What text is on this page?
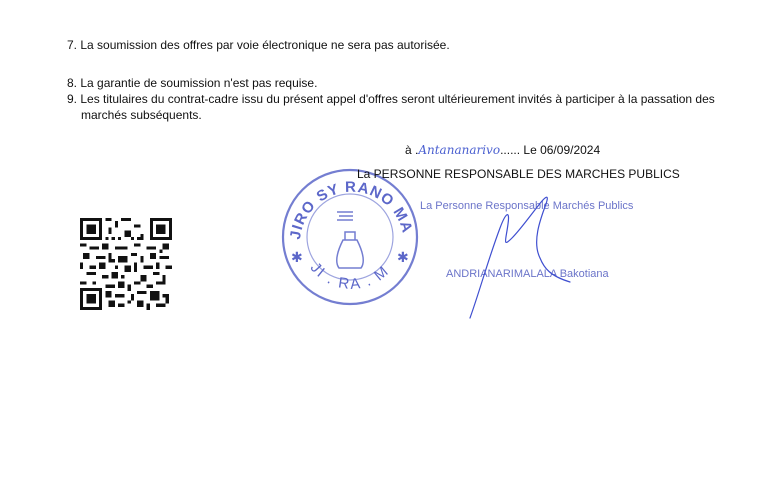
7. La soumission des offres par voie électronique ne sera pas autorisée.
8. La garantie de soumission n'est pas requise.
9. Les titulaires du contrat-cadre issu du présent appel d'offres seront ultérieurement invités à participer à la passation des
marchés subséquents.
à .Antananarivo...... Le 06/09/2024
JIRO SY RANO MA
JI . RA . M
✱	✱
La PERSONNE RESPONSABLE DES MARCHES PUBLICS
La Personne Responsable Marchés Publics
ANDRIANARIMALALA Bakotiana
